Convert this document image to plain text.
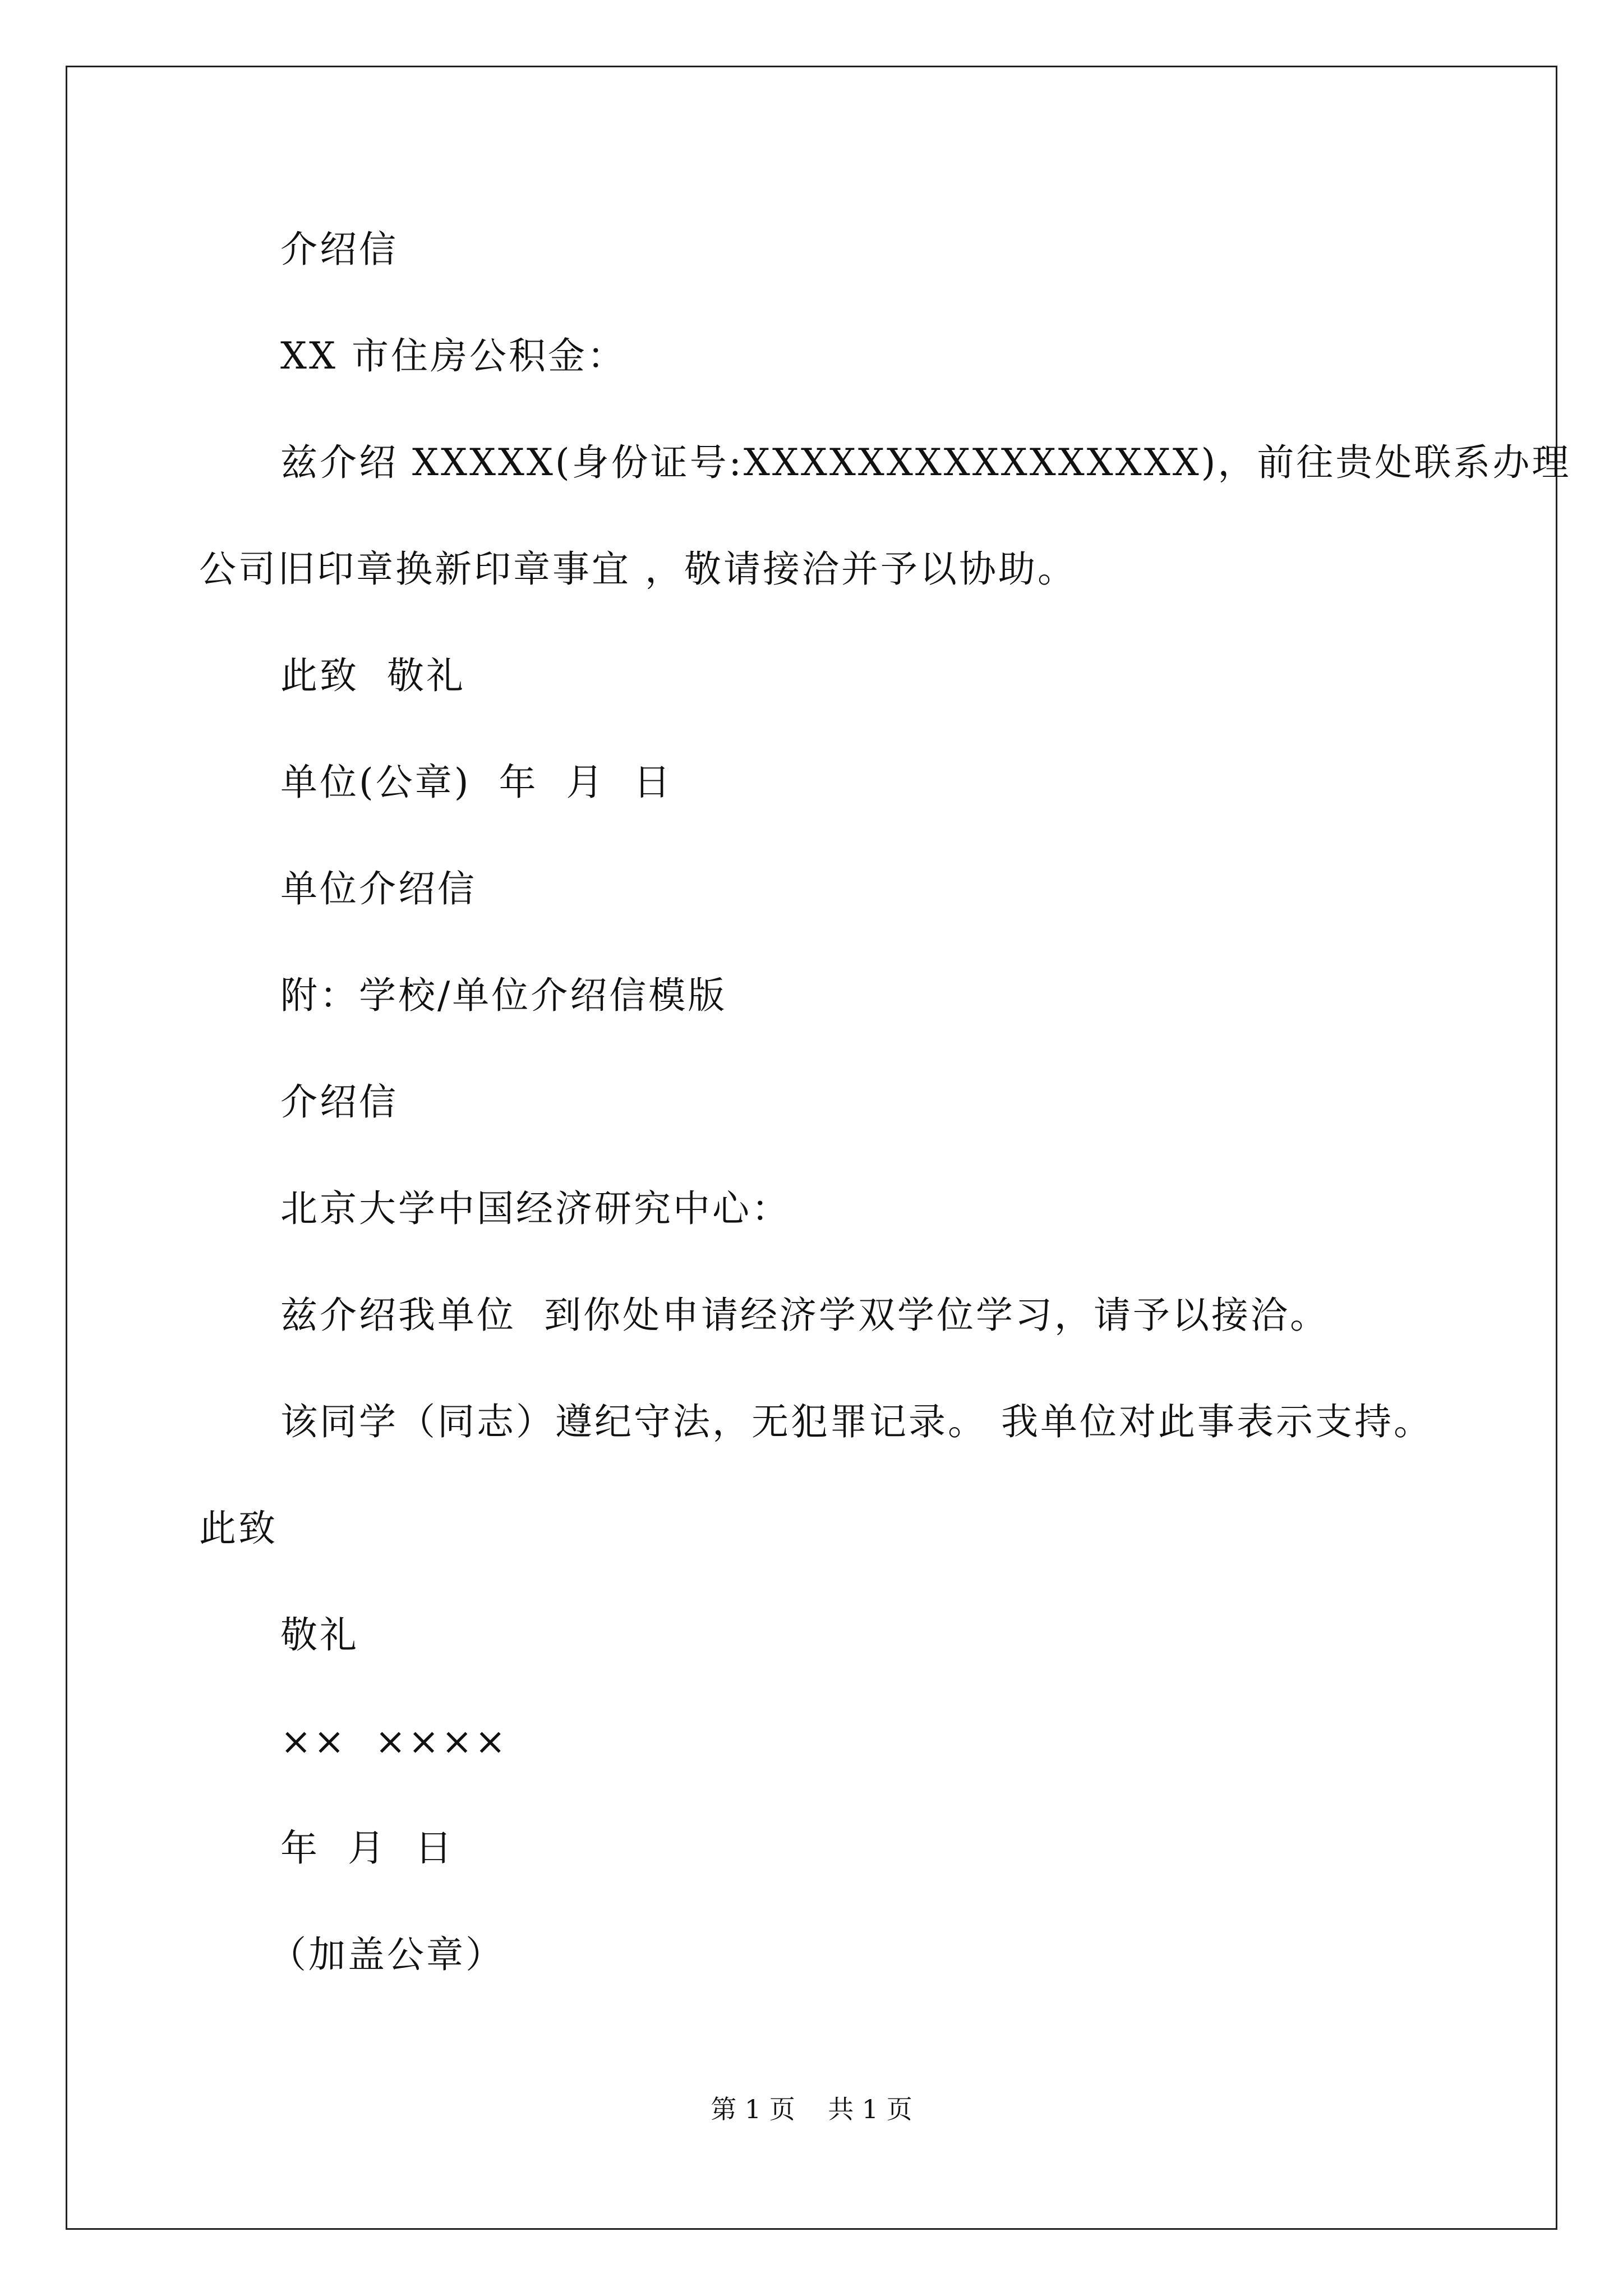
介绍信
XX 市住房公积金：
兹介绍 XXXXX(身份证号:XXXXXXXXXXXXXXXX)，前往贵处联系办理
公司旧印章换新印章事宜 ，敬请接洽并予以协助。
此致  敬礼
单位(公章)  年  月  日
单位介绍信
附：学校/单位介绍信模版
介绍信
北京大学中国经济研究中心：
兹介绍我单位  到你处申请经济学双学位学习，请予以接洽。
该同学（同志）遵纪守法，无犯罪记录。 我单位对此事表示支持。
此致
敬礼
××  ××××
年  月  日
（加盖公章）
第 1 页    共 1 页
